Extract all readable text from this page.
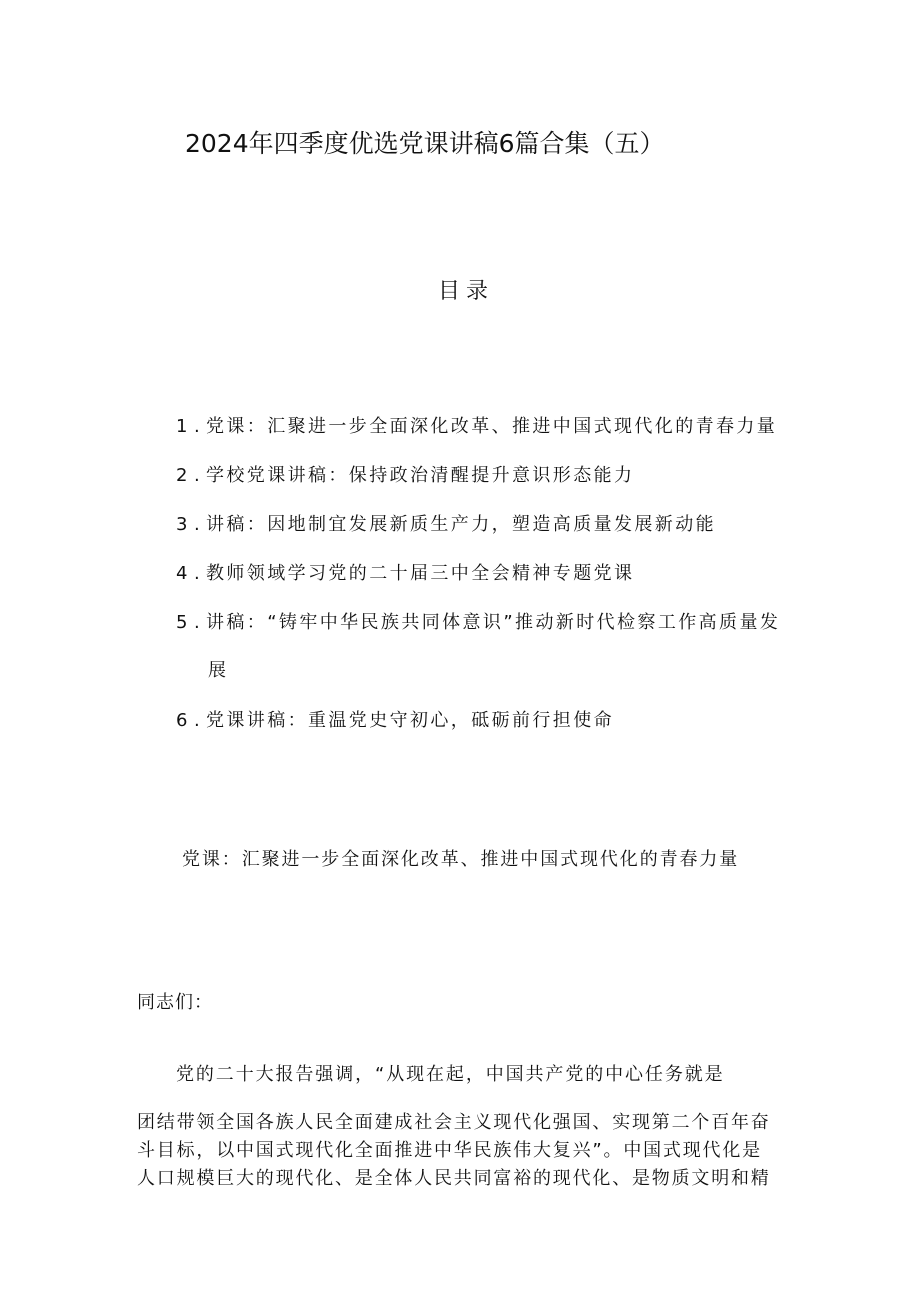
2024年四季度优选党课讲稿6篇合集（五）
目录
1 . 党课：汇聚进一步全面深化改革、推进中国式现代化的青春力量
2 . 学校党课讲稿：保持政治清醒提升意识形态能力
3 . 讲稿：因地制宜发展新质生产力，塑造高质量发展新动能
4 . 教师领域学习党的二十届三中全会精神专题党课
5 . 讲稿：“铸牢中华民族共同体意识”推动新时代检察工作高质量发
6 . 党课讲稿：重温党史守初心，砥砺前行担使命
展
党课：汇聚进一步全面深化改革、推进中国式现代化的青春力量
同志们：
党的二十大报告强调，“从现在起，中国共产党的中心任务就是
团结带领全国各族人民全面建成社会主义现代化强国、实现第二个百年奋
斗目标，以中国式现代化全面推进中华民族伟大复兴”。中国式现代化是
人口规模巨大的现代化、是全体人民共同富裕的现代化、是物质文明和精
